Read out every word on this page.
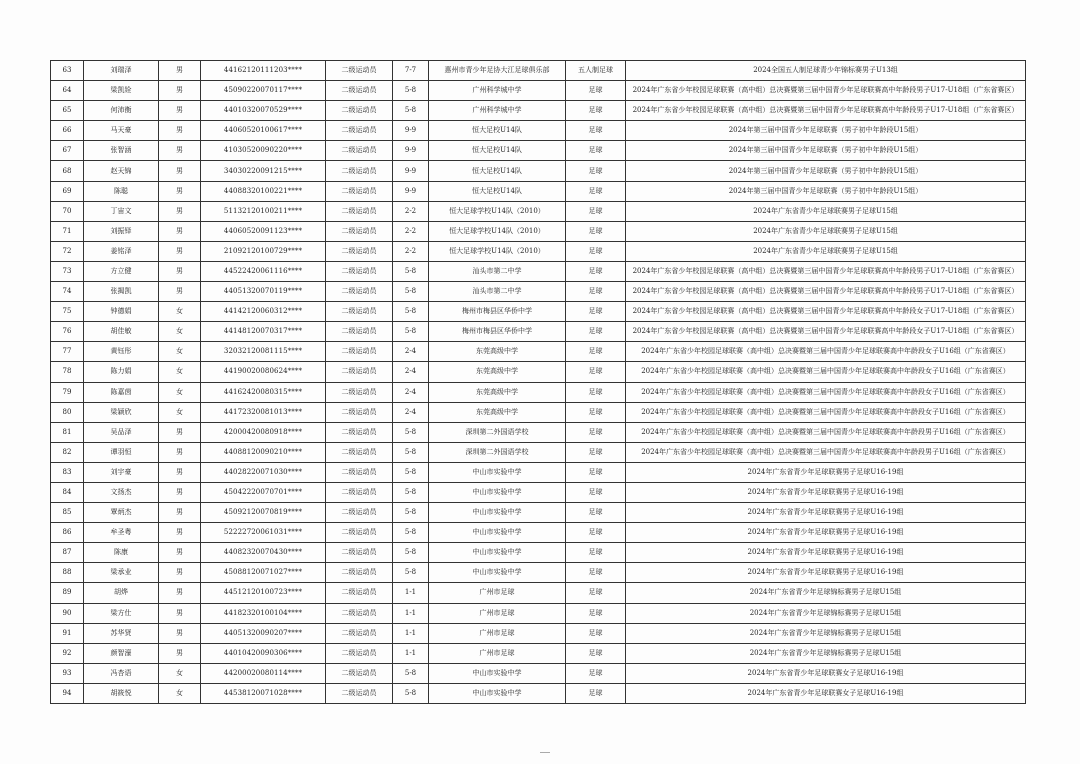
63	刘瑞泽	男	44162120111203****	二级运动员	7-7	惠州市青少年足协大江足球俱乐部	五人制足球	2024全国五人制足球青少年锦标赛男子U13组
64	梁凯铨	男	45090220070117****	二级运动员	5-8	广州科学城中学	足球	2024年广东省少年校园足球联赛（高中组）总决赛暨第三届中国青少年足球联赛高中年龄段男子U17-U18组（广东省赛区）
65	何沛衡	男	44010320070529****	二级运动员	5-8	广州科学城中学	足球	2024年广东省少年校园足球联赛（高中组）总决赛暨第三届中国青少年足球联赛高中年龄段男子U17-U18组（广东省赛区）
66	马天豪	男	44060520100617****	二级运动员	9-9	恒大足校U14队	足球	2024年第三届中国青少年足球联赛（男子初中年龄段U15组）
67	张智涵	男	41030520090220****	二级运动员	9-9	恒大足校U14队	足球	2024年第三届中国青少年足球联赛（男子初中年龄段U15组）
68	赵天锦	男	34030220091215****	二级运动员	9-9	恒大足校U14队	足球	2024年第三届中国青少年足球联赛（男子初中年龄段U15组）
69	陈聪	男	44088320100221****	二级运动员	9-9	恒大足校U14队	足球	2024年第三届中国青少年足球联赛（男子初中年龄段U15组）
70	丁宙文	男	51132120100211****	二级运动员	2-2	恒大足球学校U14队（2010）	足球	2024年广东省青少年足球联赛男子足球U15组
71	刘振铎	男	44060520091123****	二级运动员	2-2	恒大足球学校U14队（2010）	足球	2024年广东省青少年足球联赛男子足球U15组
72	姜铭泽	男	21092120100729****	二级运动员	2-2	恒大足球学校U14队（2010）	足球	2024年广东省青少年足球联赛男子足球U15组
73	方立健	男	44522420061116****	二级运动员	5-8	汕头市第二中学	足球	2024年广东省少年校园足球联赛（高中组）总决赛暨第三届中国青少年足球联赛高中年龄段男子U17-U18组（广东省赛区）
74	张揭凯	男	44051320070119****	二级运动员	5-8	汕头市第二中学	足球	2024年广东省少年校园足球联赛（高中组）总决赛暨第三届中国青少年足球联赛高中年龄段男子U17-U18组（广东省赛区）
75	钟德娟	女	44142120060312****	二级运动员	5-8	梅州市梅县区华侨中学	足球	2024年广东省少年校园足球联赛（高中组）总决赛暨第三届中国青少年足球联赛高中年龄段女子U17-U18组（广东省赛区）
76	胡佳敏	女	44148120070317****	二级运动员	5-8	梅州市梅县区华侨中学	足球	2024年广东省少年校园足球联赛（高中组）总决赛暨第三届中国青少年足球联赛高中年龄段女子U17-U18组（广东省赛区）
77	黄钰彤	女	32032120081115****	二级运动员	2-4	东莞高级中学	足球	2024年广东省少年校园足球联赛（高中组）总决赛暨第三届中国青少年足球联赛高中年龄段女子U16组（广东省赛区）
78	陈力娟	女	44190020080624****	二级运动员	2-4	东莞高级中学	足球	2024年广东省少年校园足球联赛（高中组）总决赛暨第三届中国青少年足球联赛高中年龄段女子U16组（广东省赛区）
79	陈嘉茵	女	44162420080315****	二级运动员	2-4	东莞高级中学	足球	2024年广东省少年校园足球联赛（高中组）总决赛暨第三届中国青少年足球联赛高中年龄段女子U16组（广东省赛区）
80	梁颖欣	女	44172320081013****	二级运动员	2-4	东莞高级中学	足球	2024年广东省少年校园足球联赛（高中组）总决赛暨第三届中国青少年足球联赛高中年龄段女子U16组（广东省赛区）
81	吴品泽	男	42000420080918****	二级运动员	5-8	深圳第二外国语学校	足球	2024年广东省少年校园足球联赛（高中组）总决赛暨第三届中国青少年足球联赛高中年龄段男子U16组（广东省赛区）
82	谭羽恒	男	44088120090210****	二级运动员	5-8	深圳第二外国语学校	足球	2024年广东省少年校园足球联赛（高中组）总决赛暨第三届中国青少年足球联赛高中年龄段男子U16组（广东省赛区）
83	刘宇豪	男	44028220071030****	二级运动员	5-8	中山市实验中学	足球	2024年广东省青少年足球联赛男子足球U16-19组
84	文扬杰	男	45042220070701****	二级运动员	5-8	中山市实验中学	足球	2024年广东省青少年足球联赛男子足球U16-19组
85	覃炳杰	男	45092120070819****	二级运动员	5-8	中山市实验中学	足球	2024年广东省青少年足球联赛男子足球U16-19组
86	牟圣粤	男	52222720061031****	二级运动员	5-8	中山市实验中学	足球	2024年广东省青少年足球联赛男子足球U16-19组
87	陈康	男	44082320070430****	二级运动员	5-8	中山市实验中学	足球	2024年广东省青少年足球联赛男子足球U16-19组
88	梁承业	男	45088120071027****	二级运动员	5-8	中山市实验中学	足球	2024年广东省青少年足球联赛男子足球U16-19组
89	胡烨	男	44512120100723****	二级运动员	1-1	广州市足球	足球	2024年广东省青少年足球锦标赛男子足球U15组
90	梁方仕	男	44182320100104****	二级运动员	1-1	广州市足球	足球	2024年广东省青少年足球锦标赛男子足球U15组
91	苏华贤	男	44051320090207****	二级运动员	1-1	广州市足球	足球	2024年广东省青少年足球锦标赛男子足球U15组
92	颜智濠	男	44010420090306****	二级运动员	1-1	广州市足球	足球	2024年广东省青少年足球锦标赛男子足球U15组
93	冯杏语	女	44200020080114****	二级运动员	5-8	中山市实验中学	足球	2024年广东省青少年足球联赛女子足球U16-19组
94	胡筱悦	女	44538120071028****	二级运动员	5-8	中山市实验中学	足球	2024年广东省青少年足球联赛女子足球U16-19组
